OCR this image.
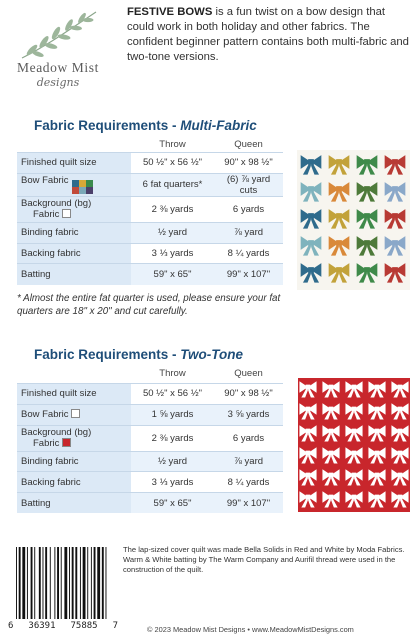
Meadow Mist
designs

FESTIVE BOWS is a fun twist on a bow design that could work in both holiday and other fabrics. The confident beginner pattern contains both multi-fabric and two-tone versions.

Fabric Requirements - Multi-Fabric
Throw	Queen
Finished quilt size	50 ½" x 56 ½"	90" x 98 ½"
Bow Fabric	6 fat quarters*	(6) ⅞ yard cuts
Background (bg)
Fabric	2 ⅜ yards	6 yards
Binding fabric	½ yard	⅞ yard
Backing fabric	3 ⅓ yards	8 ¼ yards
Batting	59" x 65"	99" x 107"

* Almost the entire fat quarter is used, please ensure your fat quarters are 18" x 20" and cut carefully.

Fabric Requirements - Two-Tone
Throw	Queen
Finished quilt size	50 ½" x 56 ½"	90" x 98 ½"
Bow Fabric	1 ⅝ yards	3 ⅝ yards
Background (bg)
Fabric	2 ⅜ yards	6 yards
Binding fabric	½ yard	⅞ yard
Backing fabric	3 ⅓ yards	8 ¼ yards
Batting	59" x 65"	99" x 107"
6 36391 75885 7

The lap-sized cover quilt was made Bella Solids in Red and White by Moda Fabrics. Warm & White batting by The Warm Company and Aurifil thread were used in the construction of the quilt.

© 2023 Meadow Mist Designs • www.MeadowMistDesigns.com
